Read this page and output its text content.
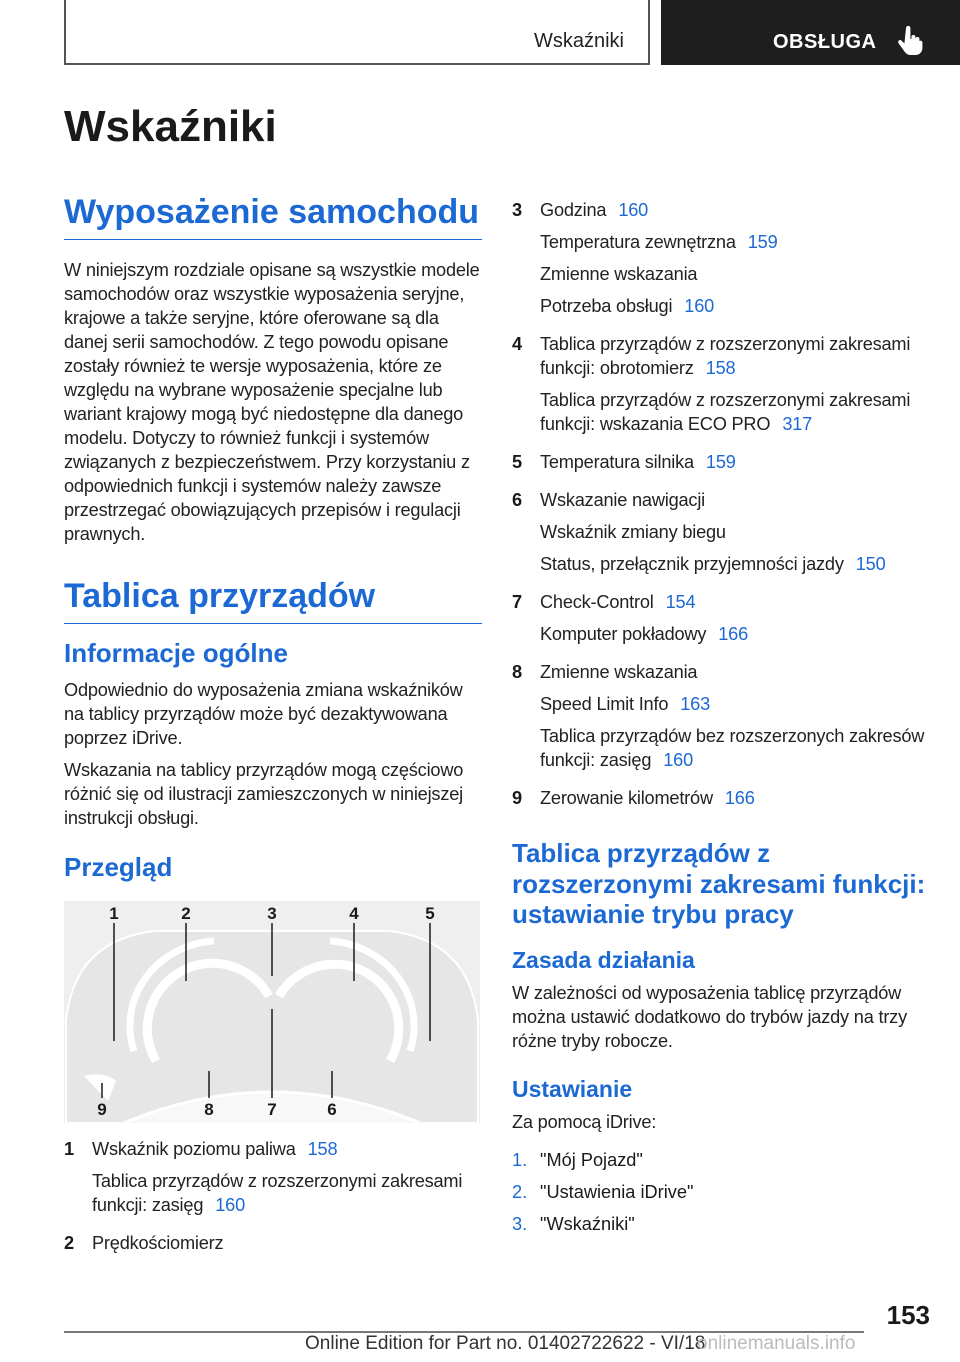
Wskaźniki	OBSŁUGA
Wskaźniki
Wyposażenie samochodu
W niniejszym rozdziale opisane są wszystkie modele samochodów oraz wszystkie wyposażenia seryjne, krajowe a także seryjne, które oferowane są dla danej serii samochodów. Z tego powodu opisane zostały również te wersje wyposażenia, które ze względu na wybrane wyposażenie specjalne lub wariant krajowy mogą być niedostępne dla danego modelu. Dotyczy to również funkcji i systemów związanych z bezpieczeństwem. Przy korzystaniu z odpowiednich funkcji i systemów należy zawsze przestrzegać obowiązujących przepisów i regulacji prawnych.
Tablica przyrządów
Informacje ogólne
Odpowiednio do wyposażenia zmiana wskaźników na tablicy przyrządów może być dezaktywowana poprzez iDrive.
Wskazania na tablicy przyrządów mogą częściowo różnić się od ilustracji zamieszczonych w niniejszej instrukcji obsługi.
Przegląd
1	2	3	4	5
6
7
8
9
1 Wskaźnik poziomu paliwa 158
Tablica przyrządów z rozszerzonymi zakresami funkcji: zasięg 160
2 Prędkościomierz
3 Godzina 160
Temperatura zewnętrzna 159
Zmienne wskazania
Potrzeba obsługi 160
4 Tablica przyrządów z rozszerzonymi zakresami funkcji: obrotomierz 158
Tablica przyrządów z rozszerzonymi zakresami funkcji: wskazania ECO PRO 317
5 Temperatura silnika 159
6 Wskazanie nawigacji
Wskaźnik zmiany biegu
Status, przełącznik przyjemności jazdy 150
7 Check-Control 154
Komputer pokładowy 166
8 Zmienne wskazania
Speed Limit Info 163
Tablica przyrządów bez rozszerzonych zakresów funkcji: zasięg 160
9 Zerowanie kilometrów 166
Tablica przyrządów z rozszerzonymi zakresami funkcji: ustawianie trybu pracy
Zasada działania
W zależności od wyposażenia tablicę przyrządów można ustawić dodatkowo do trybów jazdy na trzy różne tryby robocze.
Ustawianie
Za pomocą iDrive:
1. "Mój Pojazd"
2. "Ustawienia iDrive"
3. "Wskaźniki"
153
Online Edition for Part no. 01402722622 - VI/18
onlinemanuals.info
